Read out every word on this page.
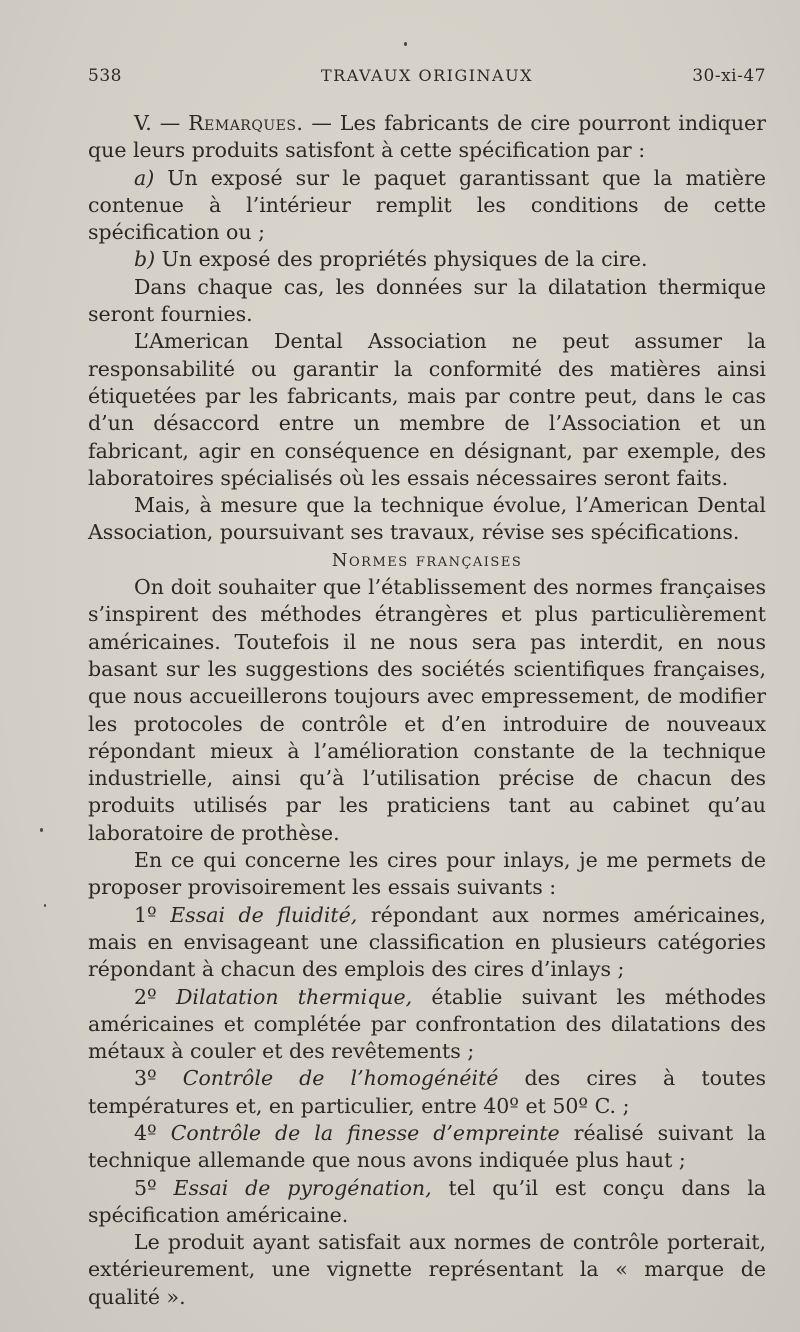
538	TRAVAUX ORIGINAUX	30-xi-47

V. — Remarques. — Les fabricants de cire pourront indiquer que leurs produits satisfont à cette spécification par :

a) Un exposé sur le paquet garantissant que la matière contenue à l’intérieur remplit les conditions de cette spécification ou ;

b) Un exposé des propriétés physiques de la cire.

Dans chaque cas, les données sur la dilatation thermique seront fournies.

L’American Dental Association ne peut assumer la responsabilité ou garantir la conformité des matières ainsi étiquetées par les fabricants, mais par contre peut, dans le cas d’un désaccord entre un membre de l’Association et un fabricant, agir en conséquence en désignant, par exemple, des laboratoires spécialisés où les essais nécessaires seront faits.

Mais, à mesure que la technique évolue, l’American Dental Association, poursuivant ses travaux, révise ses spécifications.

Normes françaises

On doit souhaiter que l’établissement des normes françaises s’inspirent des méthodes étrangères et plus particulièrement américaines. Toutefois il ne nous sera pas interdit, en nous basant sur les suggestions des sociétés scientifiques françaises, que nous accueillerons toujours avec empressement, de modifier les protocoles de contrôle et d’en introduire de nouveaux répondant mieux à l’amélioration constante de la technique industrielle, ainsi qu’à l’utilisation précise de chacun des produits utilisés par les praticiens tant au cabinet qu’au laboratoire de prothèse.

En ce qui concerne les cires pour inlays, je me permets de proposer provisoirement les essais suivants :

1º Essai de fluidité, répondant aux normes américaines, mais en envisageant une classification en plusieurs catégories répondant à chacun des emplois des cires d’inlays ;

2º Dilatation thermique, établie suivant les méthodes américaines et complétée par confrontation des dilatations des métaux à couler et des revêtements ;

3º Contrôle de l’homogénéité des cires à toutes températures et, en particulier, entre 40º et 50º C. ;

4º Contrôle de la finesse d’empreinte réalisé suivant la technique allemande que nous avons indiquée plus haut ;

5º Essai de pyrogénation, tel qu’il est conçu dans la spécification américaine.

Le produit ayant satisfait aux normes de contrôle porterait, extérieurement, une vignette représentant la « marque de qualité ».
